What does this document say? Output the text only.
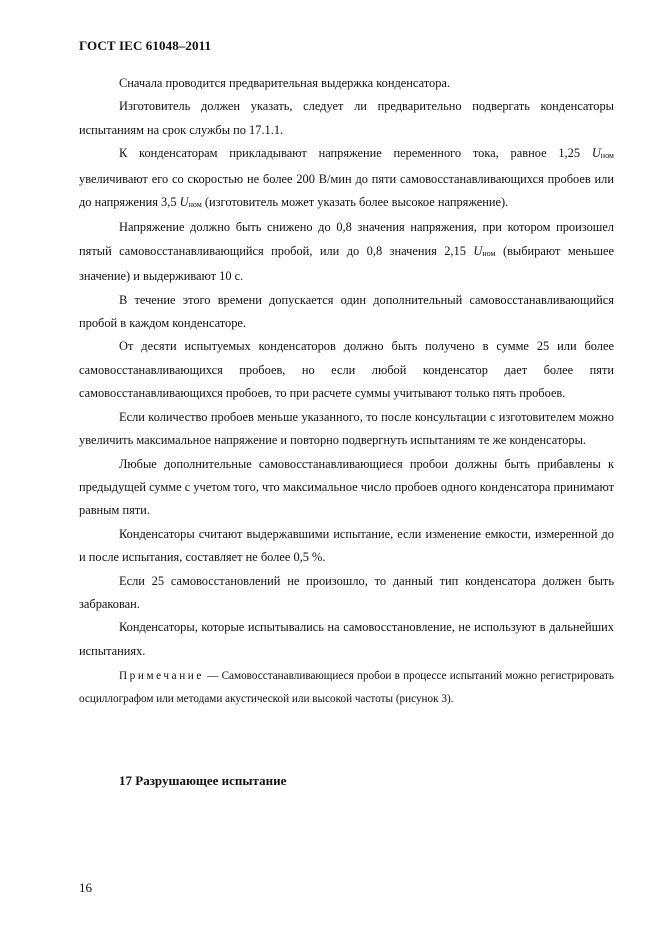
ГОСТ IEC 61048–2011

Сначала проводится предварительная выдержка конденсатора.

Изготовитель должен указать, следует ли предварительно подвергать конденсаторы испытаниям на срок службы по 17.1.1.

К конденсаторам прикладывают напряжение переменного тока, равное 1,25 $U_{ном}$ увеличивают его со скоростью не более 200 В/мин до пяти самовосстанавливающихся пробоев или до напряжения 3,5 $U_{ном}$ (изготовитель может указать более высокое напряжение).

Напряжение должно быть снижено до 0,8 значения напряжения, при котором произошел пятый самовосстанавливающийся пробой, или до 0,8 значения 2,15 $U_{ном}$ (выбирают меньшее значение) и выдерживают 10 с.

В течение этого времени допускается один дополнительный самовосстанавливающийся пробой в каждом конденсаторе.

От десяти испытуемых конденсаторов должно быть получено в сумме 25 или более самовосстанавливающихся пробоев, но если любой конденсатор дает более пяти самовосстанавливающихся пробоев, то при расчете суммы учитывают только пять пробоев.

Если количество пробоев меньше указанного, то после консультации с изготовителем можно увеличить максимальное напряжение и повторно подвергнуть испытаниям те же конденсаторы.

Любые дополнительные самовосстанавливающиеся пробои должны быть прибавлены к предыдущей сумме с учетом того, что максимальное число пробоев одного конденсатора принимают равным пяти.

Конденсаторы считают выдержавшими испытание, если изменение емкости, измеренной до и после испытания, составляет не более 0,5 %.

Если 25 самовосстановлений не произошло, то данный тип конденсатора должен быть забракован.

Конденсаторы, которые испытывались на самовосстановление, не используют в дальнейших испытаниях.

Примечание — Самовосстанавливающиеся пробои в процессе испытаний можно регистрировать осциллографом или методами акустической или высокой частоты (рисунок 3).

17 Разрушающее испытание
16
